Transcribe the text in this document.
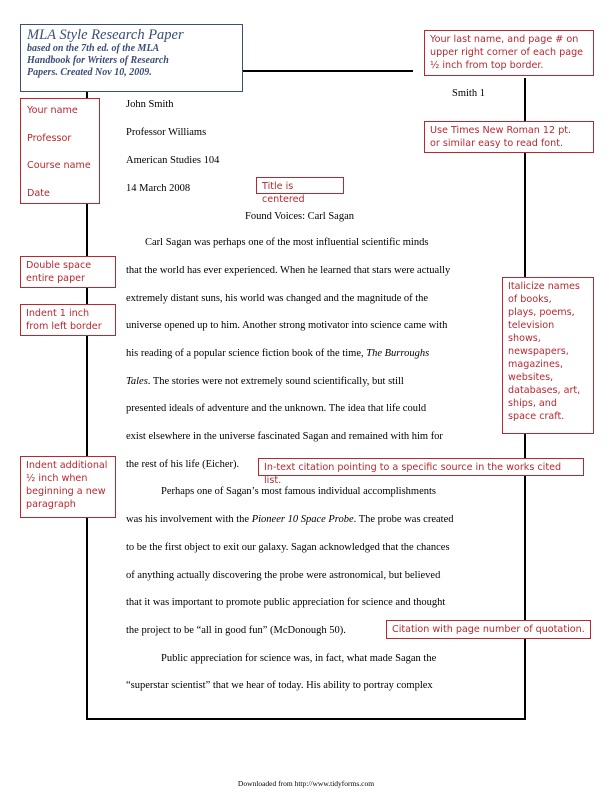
MLA Style Research Paper
based on the 7th ed. of the MLA
Handbook for Writers of Research
Papers. Created Nov 10, 2009.
Your last name, and page # on
upper right corner of each page
½ inch from top border.
Smith 1
Use Times New Roman 12 pt.
or similar easy to read font.
Your name
Professor
Course name
Date
John Smith
Professor Williams
American Studies 104
14 March 2008	Title is centered
Found Voices: Carl Sagan
Double space
entire paper
Indent 1 inch
from left border
Italicize names
of books,
plays, poems,
television
shows,
newspapers,
magazines,
websites,
databases, art,
ships, and
space craft.
Carl Sagan was perhaps one of the most influential scientific minds
that the world has ever experienced. When he learned that stars were actually
extremely distant suns, his world was changed and the magnitude of the
universe opened up to him. Another strong motivator into science came with
his reading of a popular science fiction book of the time, The Burroughs
Tales. The stories were not extremely sound scientifically, but still
presented ideals of adventure and the unknown. The idea that life could
exist elsewhere in the universe fascinated Sagan and remained with him for
the rest of his life (Eicher).	In-text citation pointing to a specific source in the works cited list.
Indent additional
½ inch when
beginning a new
paragraph
Perhaps one of Sagan’s most famous individual accomplishments
was his involvement with the Pioneer 10 Space Probe. The probe was created
to be the first object to exit our galaxy. Sagan acknowledged that the chances
of anything actually discovering the probe were astronomical, but believed
that it was important to promote public appreciation for science and thought
the project to be “all in good fun” (McDonough 50).	Citation with page number of quotation.
Public appreciation for science was, in fact, what made Sagan the
“superstar scientist” that we hear of today. His ability to portray complex
Downloaded from http://www.tidyforms.com
